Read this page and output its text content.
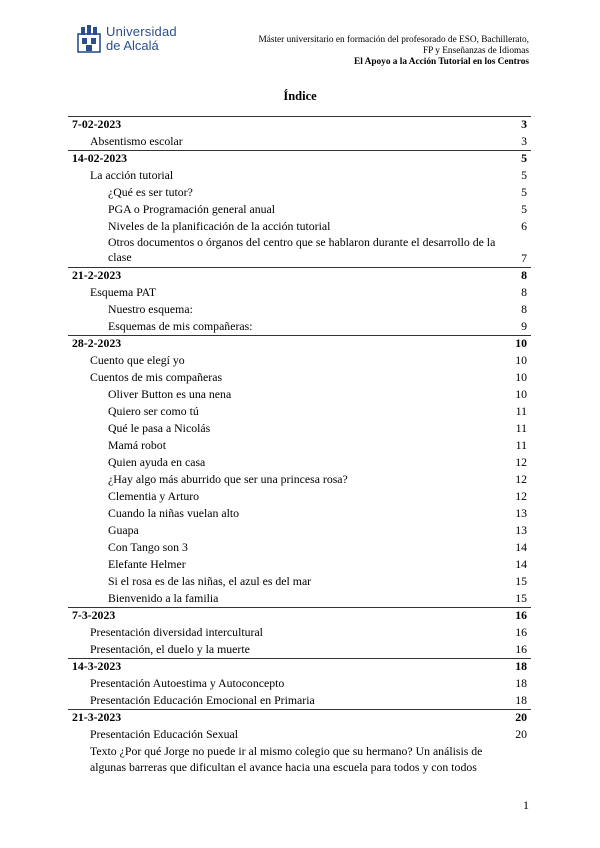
Universidad
de Alcalá	Máster universitario en formación del profesorado de ESO, Bachillerato,
FP y Enseñanzas de Idiomas
El Apoyo a la Acción Tutorial en los Centros
Índice
7-02-2023	3
Absentismo escolar	3
14-02-2023	5
La acción tutorial	5
¿Qué es ser tutor?	5
PGA o Programación general anual	5
Niveles de la planificación de la acción tutorial	6
Otros documentos o órganos del centro que se hablaron durante el desarrollo de la clase	7
21-2-2023	8
Esquema PAT	8
Nuestro esquema:	8
Esquemas de mis compañeras:	9
28-2-2023	10
Cuento que elegí yo	10
Cuentos de mis compañeras	10
Oliver Button es una nena	10
Quiero ser como tú	11
Qué le pasa a Nicolás	11
Mamá robot	11
Quien ayuda en casa	12
¿Hay algo más aburrido que ser una princesa rosa?	12
Clementia y Arturo	12
Cuando la niñas vuelan alto	13
Guapa	13
Con Tango son 3	14
Elefante Helmer	14
Si el rosa es de las niñas, el azul es del mar	15
Bienvenido a la familia	15
7-3-2023	16
Presentación diversidad intercultural	16
Presentación, el duelo y la muerte	16
14-3-2023	18
Presentación Autoestima y Autoconcepto	18
Presentación Educación Emocional en Primaria	18
21-3-2023	20
Presentación Educación Sexual	20
Texto ¿Por qué Jorge no puede ir al mismo colegio que su hermano? Un análisis de algunas barreras que dificultan el avance hacia una escuela para todos y con todos
1
